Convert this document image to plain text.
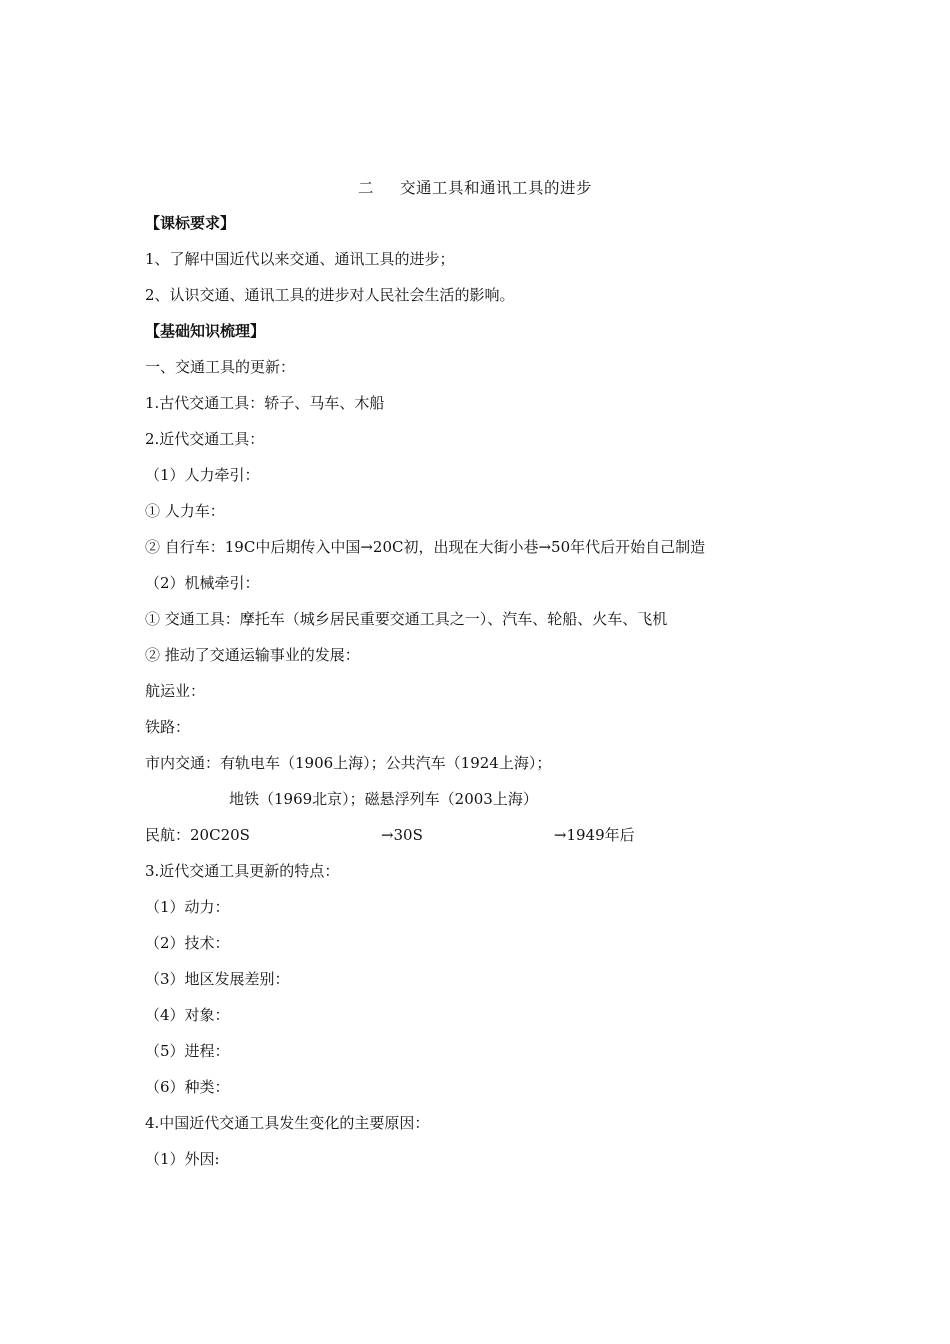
二 交通工具和通讯工具的进步
【课标要求】
1、了解中国近代以来交通、通讯工具的进步；
2、认识交通、通讯工具的进步对人民社会生活的影响。
【基础知识梳理】
一、交通工具的更新：
1.古代交通工具：轿子、马车、木船
2.近代交通工具：
（1）人力牵引：
① 人力车：
② 自行车：19C中后期传入中国→20C初，出现在大街小巷→50年代后开始自己制造
（2）机械牵引：
① 交通工具：摩托车（城乡居民重要交通工具之一）、汽车、轮船、火车、飞机
② 推动了交通运输事业的发展：
航运业：
铁路：
市内交通：有轨电车（1906上海）；公共汽车（1924上海）；
地铁（1969北京）；磁悬浮列车（2003上海）
民航：20C20S	→30S	→1949年后
3.近代交通工具更新的特点：
（1）动力：
（2）技术：
（3）地区发展差别：
（4）对象：
（5）进程：
（6）种类：
4.中国近代交通工具发生变化的主要原因：
（1）外因:
